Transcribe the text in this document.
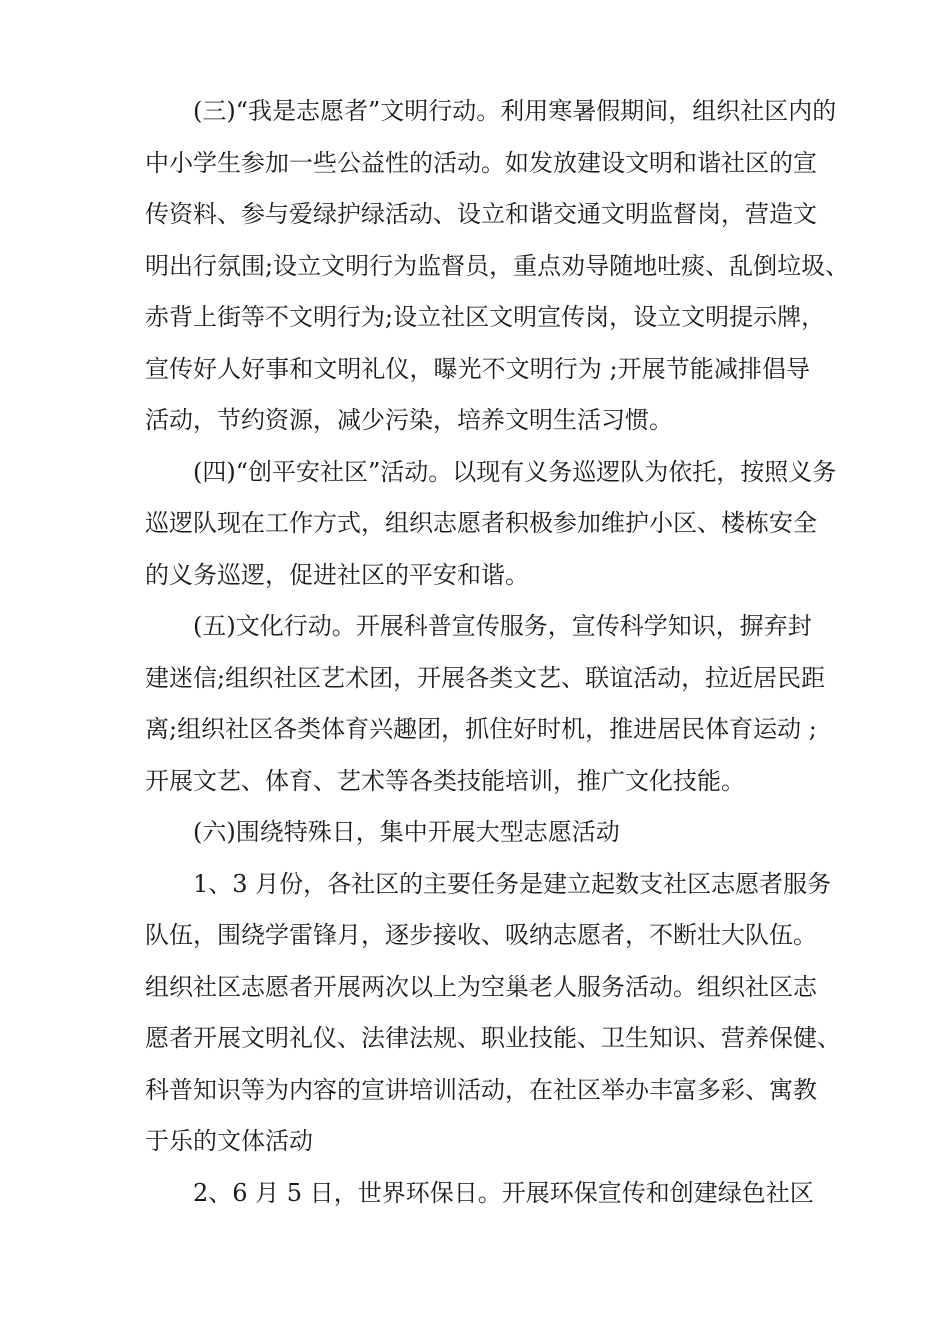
(三)“我是志愿者”文明行动。利用寒暑假期间，组织社区内的
中小学生参加一些公益性的活动。如发放建设文明和谐社区的宣
传资料、参与爱绿护绿活动、设立和谐交通文明监督岗，营造文
明出行氛围;设立文明行为监督员，重点劝导随地吐痰、乱倒垃圾、
赤背上街等不文明行为;设立社区文明宣传岗，设立文明提示牌，
宣传好人好事和文明礼仪，曝光不文明行为 ;开展节能减排倡导
活动，节约资源，减少污染，培养文明生活习惯。
(四)“创平安社区”活动。以现有义务巡逻队为依托，按照义务
巡逻队现在工作方式，组织志愿者积极参加维护小区、楼栋安全
的义务巡逻，促进社区的平安和谐。
(五)文化行动。开展科普宣传服务，宣传科学知识，摒弃封
建迷信;组织社区艺术团，开展各类文艺、联谊活动，拉近居民距
离;组织社区各类体育兴趣团，抓住好时机，推进居民体育运动 ;
开展文艺、体育、艺术等各类技能培训，推广文化技能。
(六)围绕特殊日，集中开展大型志愿活动
1、3 月份，各社区的主要任务是建立起数支社区志愿者服务
队伍，围绕学雷锋月，逐步接收、吸纳志愿者，不断壮大队伍。
组织社区志愿者开展两次以上为空巢老人服务活动。组织社区志
愿者开展文明礼仪、法律法规、职业技能、卫生知识、营养保健、
科普知识等为内容的宣讲培训活动，在社区举办丰富多彩、寓教
于乐的文体活动
2、6 月 5 日，世界环保日。开展环保宣传和创建绿色社区
